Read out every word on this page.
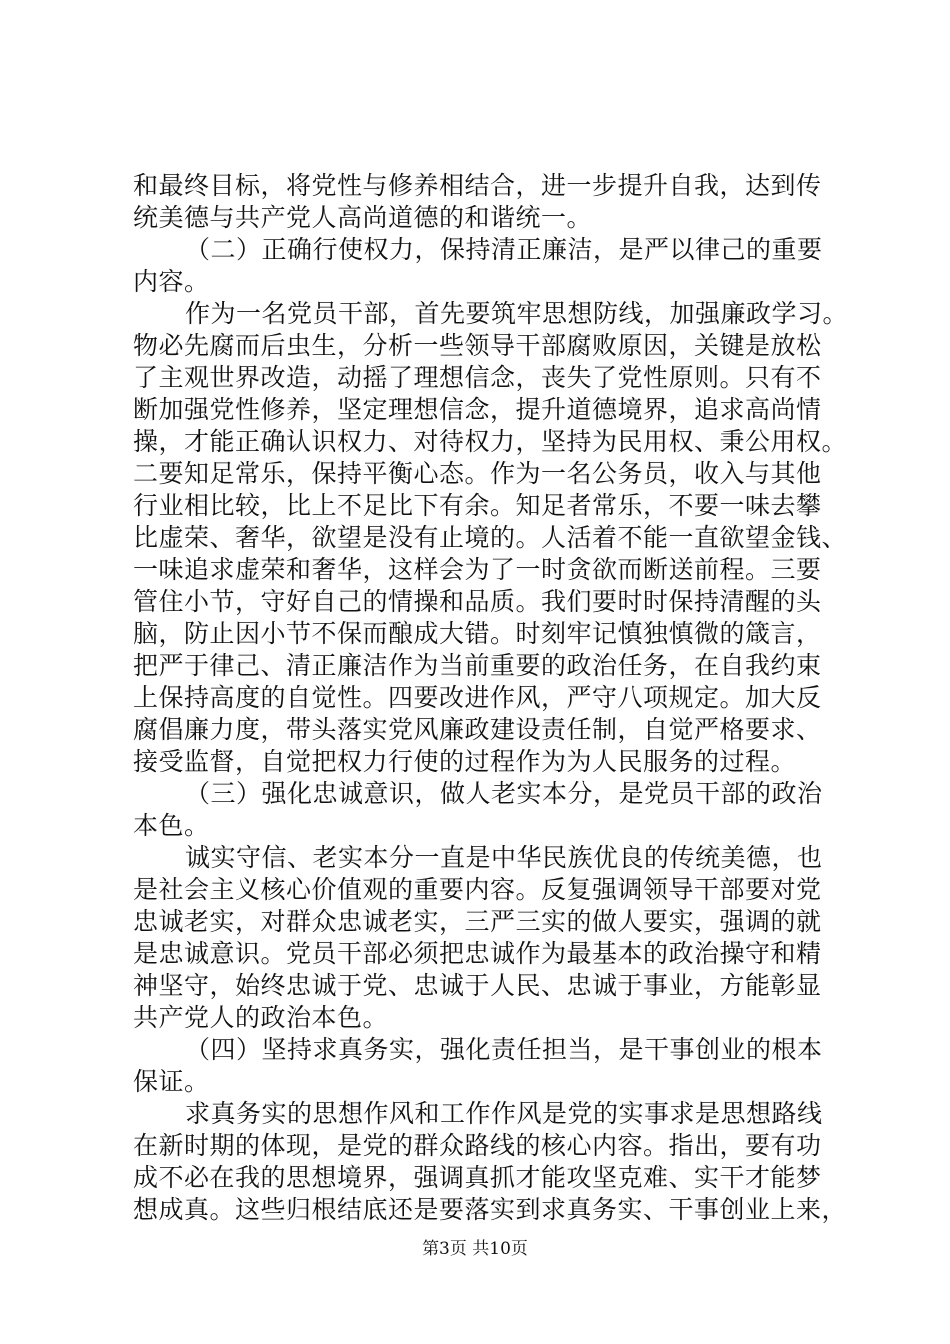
和最终目标，将党性与修养相结合，进一步提升自我，达到传
统美德与共产党人高尚道德的和谐统一。
（二）正确行使权力，保持清正廉洁，是严以律己的重要
内容。
作为一名党员干部，首先要筑牢思想防线，加强廉政学习。
物必先腐而后虫生，分析一些领导干部腐败原因，关键是放松
了主观世界改造，动摇了理想信念，丧失了党性原则。只有不
断加强党性修养，坚定理想信念，提升道德境界，追求高尚情
操，才能正确认识权力、对待权力，坚持为民用权、秉公用权。
二要知足常乐，保持平衡心态。作为一名公务员，收入与其他
行业相比较，比上不足比下有余。知足者常乐，不要一味去攀
比虚荣、奢华，欲望是没有止境的。人活着不能一直欲望金钱、
一味追求虚荣和奢华，这样会为了一时贪欲而断送前程。三要
管住小节，守好自己的情操和品质。我们要时时保持清醒的头
脑，防止因小节不保而酿成大错。时刻牢记慎独慎微的箴言，
把严于律己、清正廉洁作为当前重要的政治任务，在自我约束
上保持高度的自觉性。四要改进作风，严守八项规定。加大反
腐倡廉力度，带头落实党风廉政建设责任制，自觉严格要求、
接受监督，自觉把权力行使的过程作为为人民服务的过程。
（三）强化忠诚意识，做人老实本分，是党员干部的政治
本色。
诚实守信、老实本分一直是中华民族优良的传统美德，也
是社会主义核心价值观的重要内容。反复强调领导干部要对党
忠诚老实，对群众忠诚老实，三严三实的做人要实，强调的就
是忠诚意识。党员干部必须把忠诚作为最基本的政治操守和精
神坚守，始终忠诚于党、忠诚于人民、忠诚于事业，方能彰显
共产党人的政治本色。
（四）坚持求真务实，强化责任担当，是干事创业的根本
保证。
求真务实的思想作风和工作作风是党的实事求是思想路线
在新时期的体现，是党的群众路线的核心内容。指出，要有功
成不必在我的思想境界，强调真抓才能攻坚克难、实干才能梦
想成真。这些归根结底还是要落实到求真务实、干事创业上来，
第3页 共10页
